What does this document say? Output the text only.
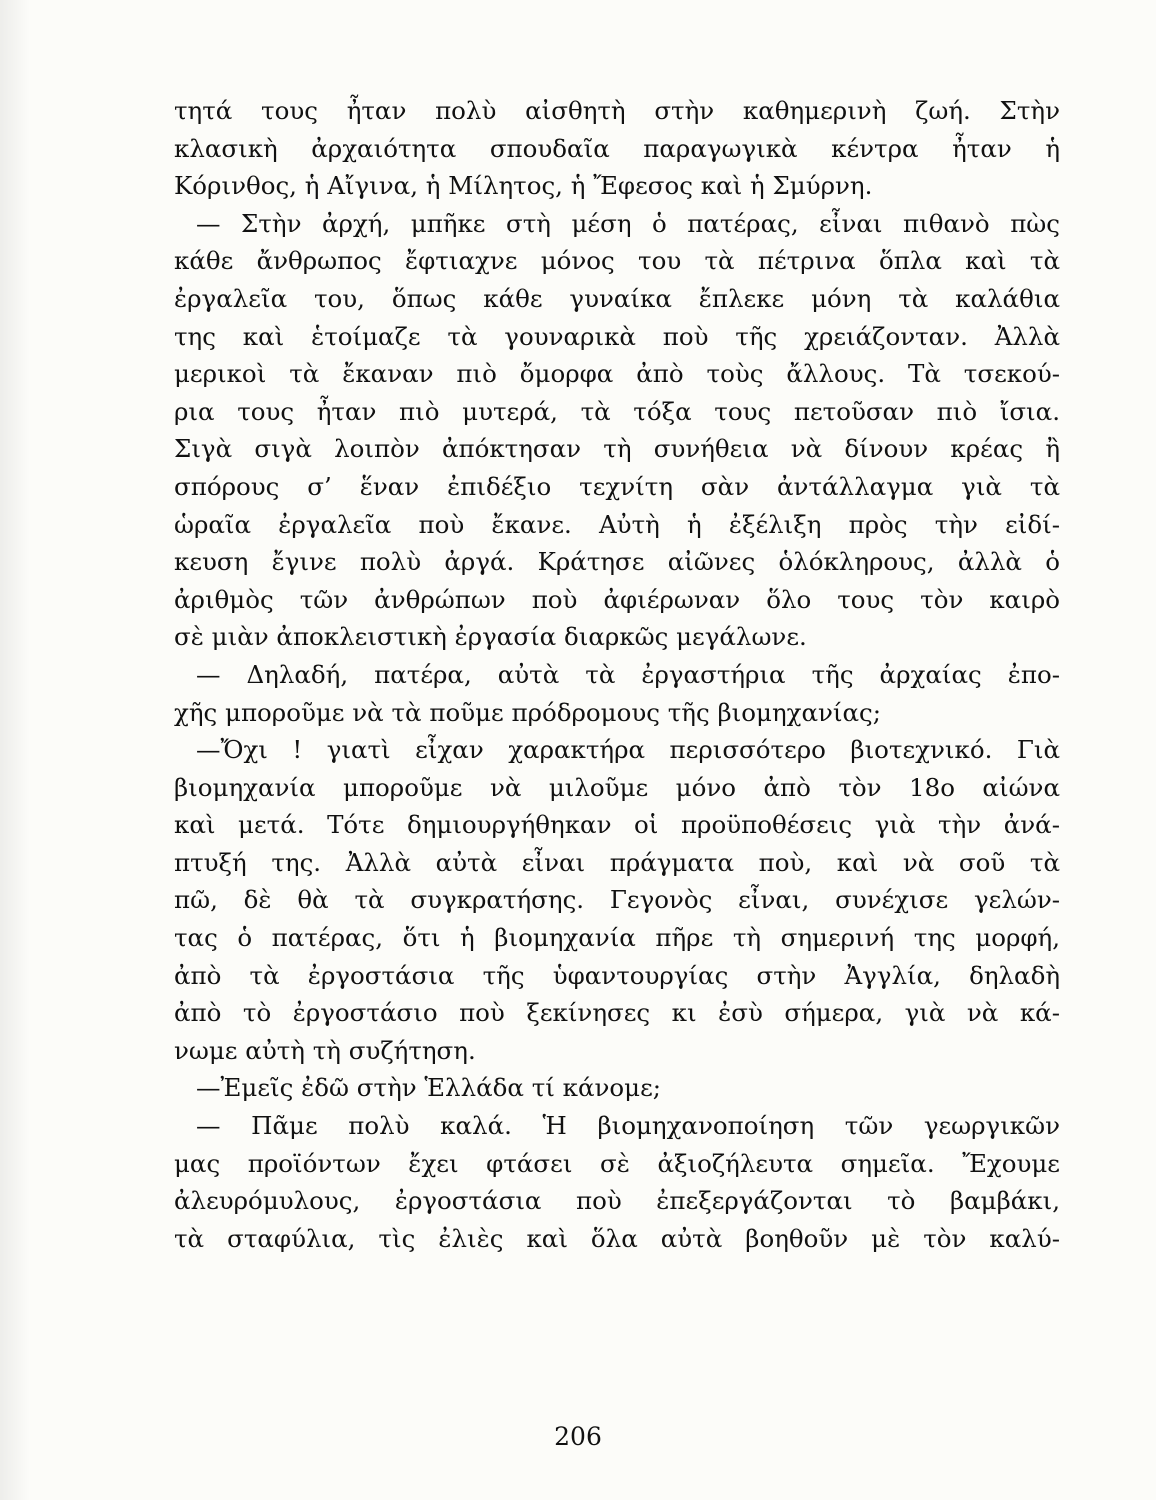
τητά τους ἦταν πολὺ αἰσθητὴ στὴν καθημερινὴ ζωή. Στὴν
κλασικὴ ἀρχαιότητα σπουδαῖα παραγωγικὰ κέντρα ἦταν ἡ
Κόρινθος, ἡ Αἴγινα, ἡ Μίλητος, ἡ Ἔφεσος καὶ ἡ Σμύρνη.
— Στὴν ἀρχή, μπῆκε στὴ μέση ὁ πατέρας, εἶναι πιθανὸ πὼς
κάθε ἄνθρωπος ἔφτιαχνε μόνος του τὰ πέτρινα ὅπλα καὶ τὰ
ἐργαλεῖα του, ὅπως κάθε γυναίκα ἔπλεκε μόνη τὰ καλάθια
της καὶ ἑτοίμαζε τὰ γουναρικὰ ποὺ τῆς χρειάζονταν. Ἀλλὰ
μερικοὶ τὰ ἔκαναν πιὸ ὄμορφα ἀπὸ τοὺς ἄλλους. Τὰ τσεκού-
ρια τους ἦταν πιὸ μυτερά, τὰ τόξα τους πετοῦσαν πιὸ ἴσια.
Σιγὰ σιγὰ λοιπὸν ἀπόκτησαν τὴ συνήθεια νὰ δίνουν κρέας ἢ
σπόρους σ’ ἕναν ἐπιδέξιο τεχνίτη σὰν ἀντάλλαγμα γιὰ τὰ
ὡραῖα ἐργαλεῖα ποὺ ἔκανε. Αὐτὴ ἡ ἐξέλιξη πρὸς τὴν εἰδί-
κευση ἔγινε πολὺ ἀργά. Κράτησε αἰῶνες ὁλόκληρους, ἀλλὰ ὁ
ἀριθμὸς τῶν ἀνθρώπων ποὺ ἀφιέρωναν ὅλο τους τὸν καιρὸ
σὲ μιὰν ἀποκλειστικὴ ἐργασία διαρκῶς μεγάλωνε.
— Δηλαδή, πατέρα, αὐτὰ τὰ ἐργαστήρια τῆς ἀρχαίας ἐπο-
χῆς μποροῦμε νὰ τὰ ποῦμε πρόδρομους τῆς βιομηχανίας;
—Ὄχι ! γιατὶ εἶχαν χαρακτήρα περισσότερο βιοτεχνικό. Γιὰ
βιομηχανία μποροῦμε νὰ μιλοῦμε μόνο ἀπὸ τὸν 18ο αἰώνα
καὶ μετά. Τότε δημιουργήθηκαν οἱ προϋποθέσεις γιὰ τὴν ἀνά-
πτυξή της. Ἀλλὰ αὐτὰ εἶναι πράγματα ποὺ, καὶ νὰ σοῦ τὰ
πῶ, δὲ θὰ τὰ συγκρατήσης. Γεγονὸς εἶναι, συνέχισε γελών-
τας ὁ πατέρας, ὅτι ἡ βιομηχανία πῆρε τὴ σημερινή της μορφή,
ἀπὸ τὰ ἐργοστάσια τῆς ὑφαντουργίας στὴν Ἀγγλία, δηλαδὴ
ἀπὸ τὸ ἐργοστάσιο ποὺ ξεκίνησες κι ἐσὺ σήμερα, γιὰ νὰ κά-
νωμε αὐτὴ τὴ συζήτηση.
—Ἐμεῖς ἐδῶ στὴν Ἑλλάδα τί κάνομε;
— Πᾶμε πολὺ καλά. Ἡ βιομηχανοποίηση τῶν γεωργικῶν
μας προϊόντων ἔχει φτάσει σὲ ἀξιοζήλευτα σημεῖα. Ἔχουμε
ἀλευρόμυλους, ἐργοστάσια ποὺ ἐπεξεργάζονται τὸ βαμβάκι,
τὰ σταφύλια, τὶς ἐλιὲς καὶ ὅλα αὐτὰ βοηθοῦν μὲ τὸν καλύ-
206
